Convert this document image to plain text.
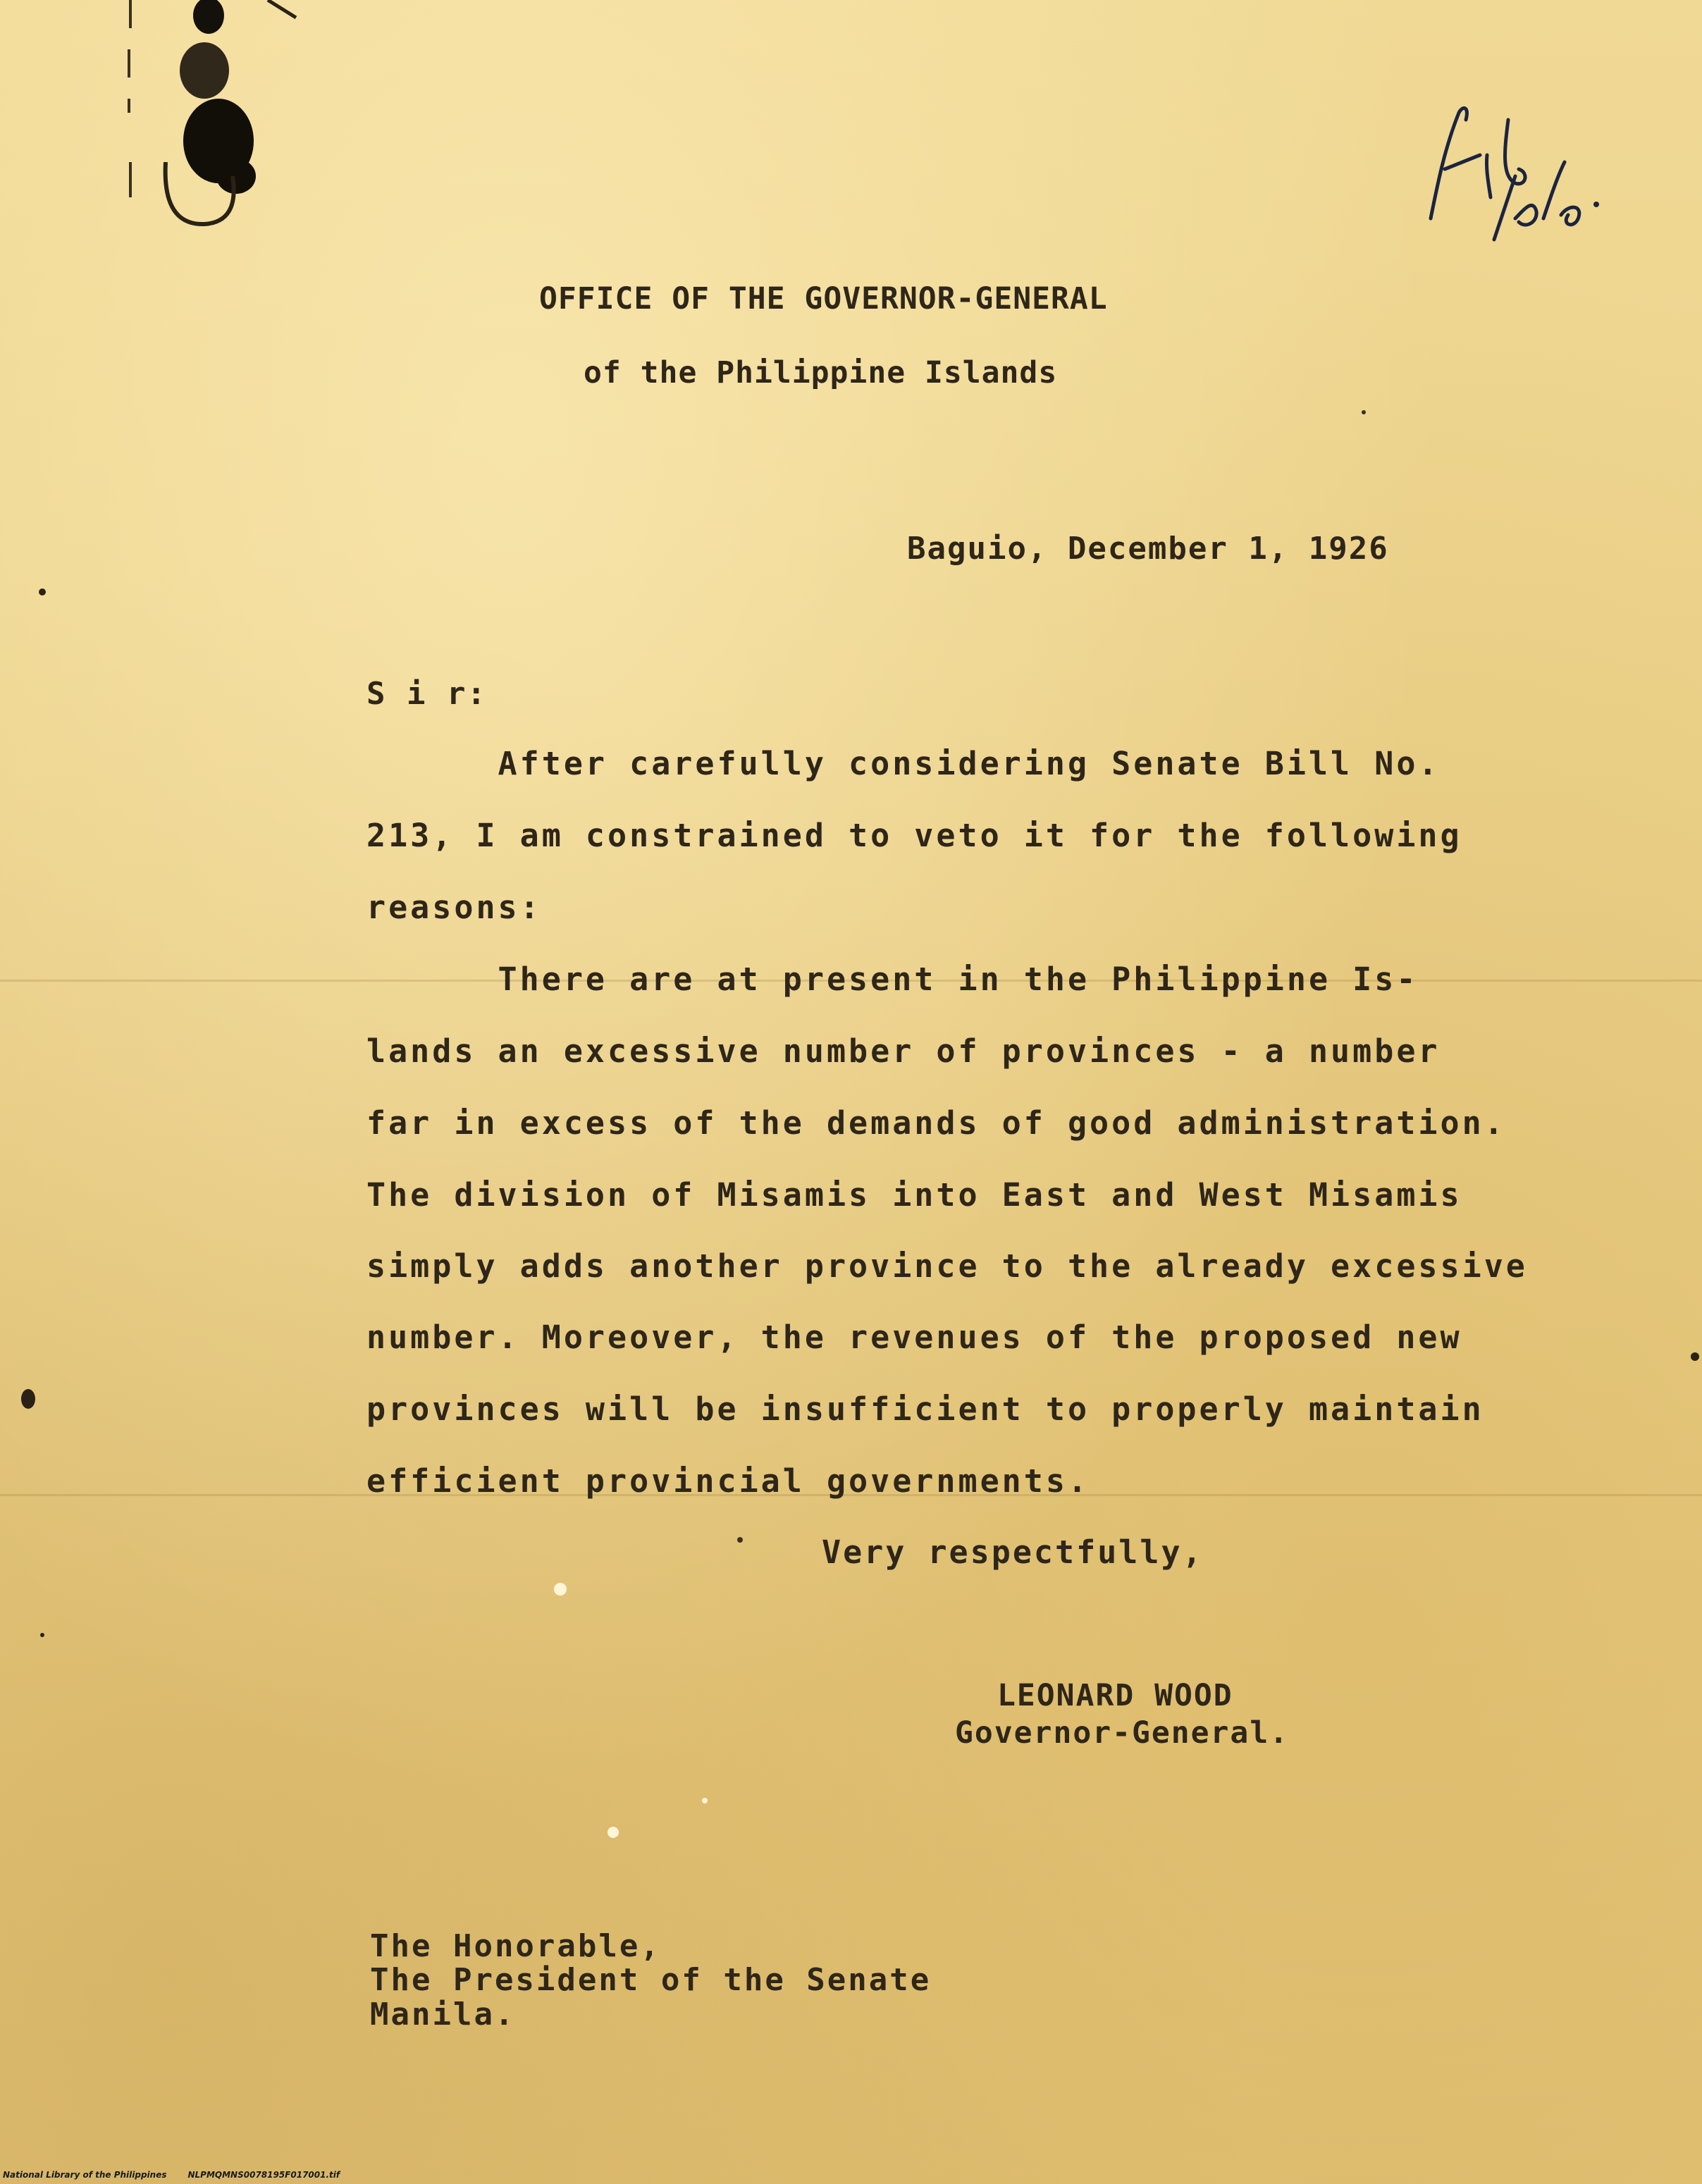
OFFICE OF THE GOVERNOR-GENERAL
of the Philippine Islands
Baguio, December 1, 1926
S i r:
After carefully considering Senate Bill No.
213, I am constrained to veto it for the following
reasons:
There are at present in the Philippine Is-
lands an excessive number of provinces - a number
far in excess of the demands of good administration.
The division of Misamis into East and West Misamis
simply adds another province to the already excessive
number. Moreover, the revenues of the proposed new
provinces will be insufficient to properly maintain
efficient provincial governments.
Very respectfully,
LEONARD WOOD
Governor-General.
The Honorable,
The President of the Senate
Manila.
National Library of the Philippines	NLPMQMNS0078195F017001.tif
